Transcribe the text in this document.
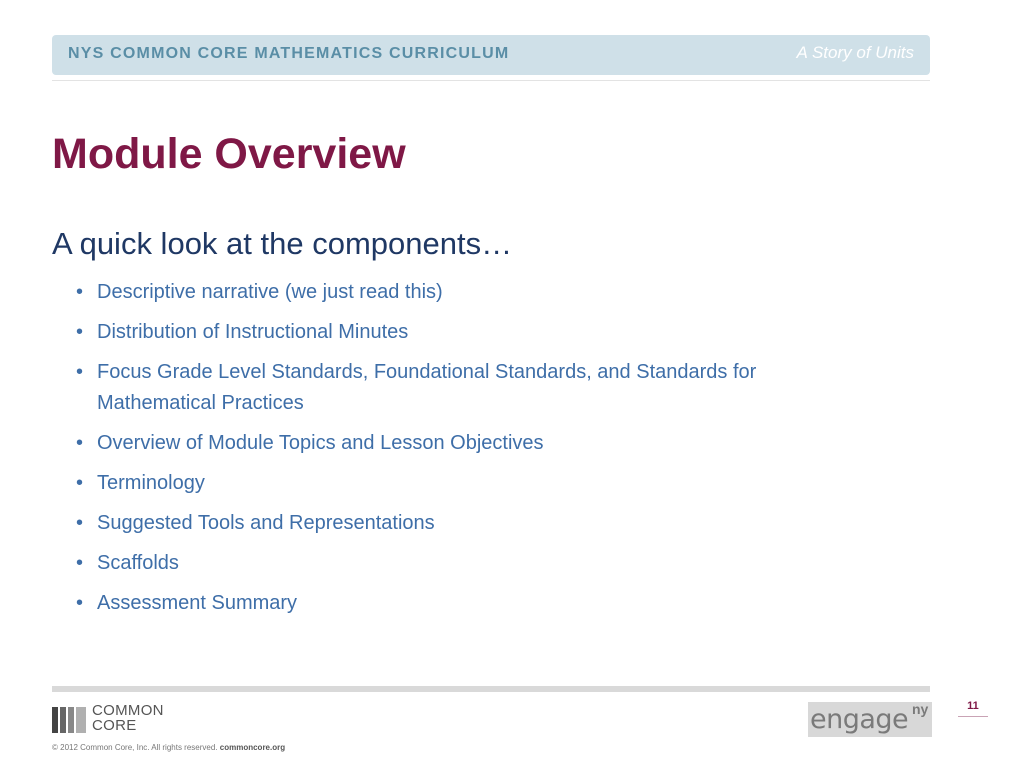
NYS COMMON CORE MATHEMATICS CURRICULUM	A Story of Units
Module Overview
A quick look at the components…
• Descriptive narrative (we just read this)
• Distribution of Instructional Minutes
• Focus Grade Level Standards, Foundational Standards, and Standards for Mathematical Practices
• Overview of Module Topics and Lesson Objectives
• Terminology
• Suggested Tools and Representations
• Scaffolds
• Assessment Summary
COMMON
CORE
© 2012 Common Core, Inc. All rights reserved. commoncore.org
engage ny	11
